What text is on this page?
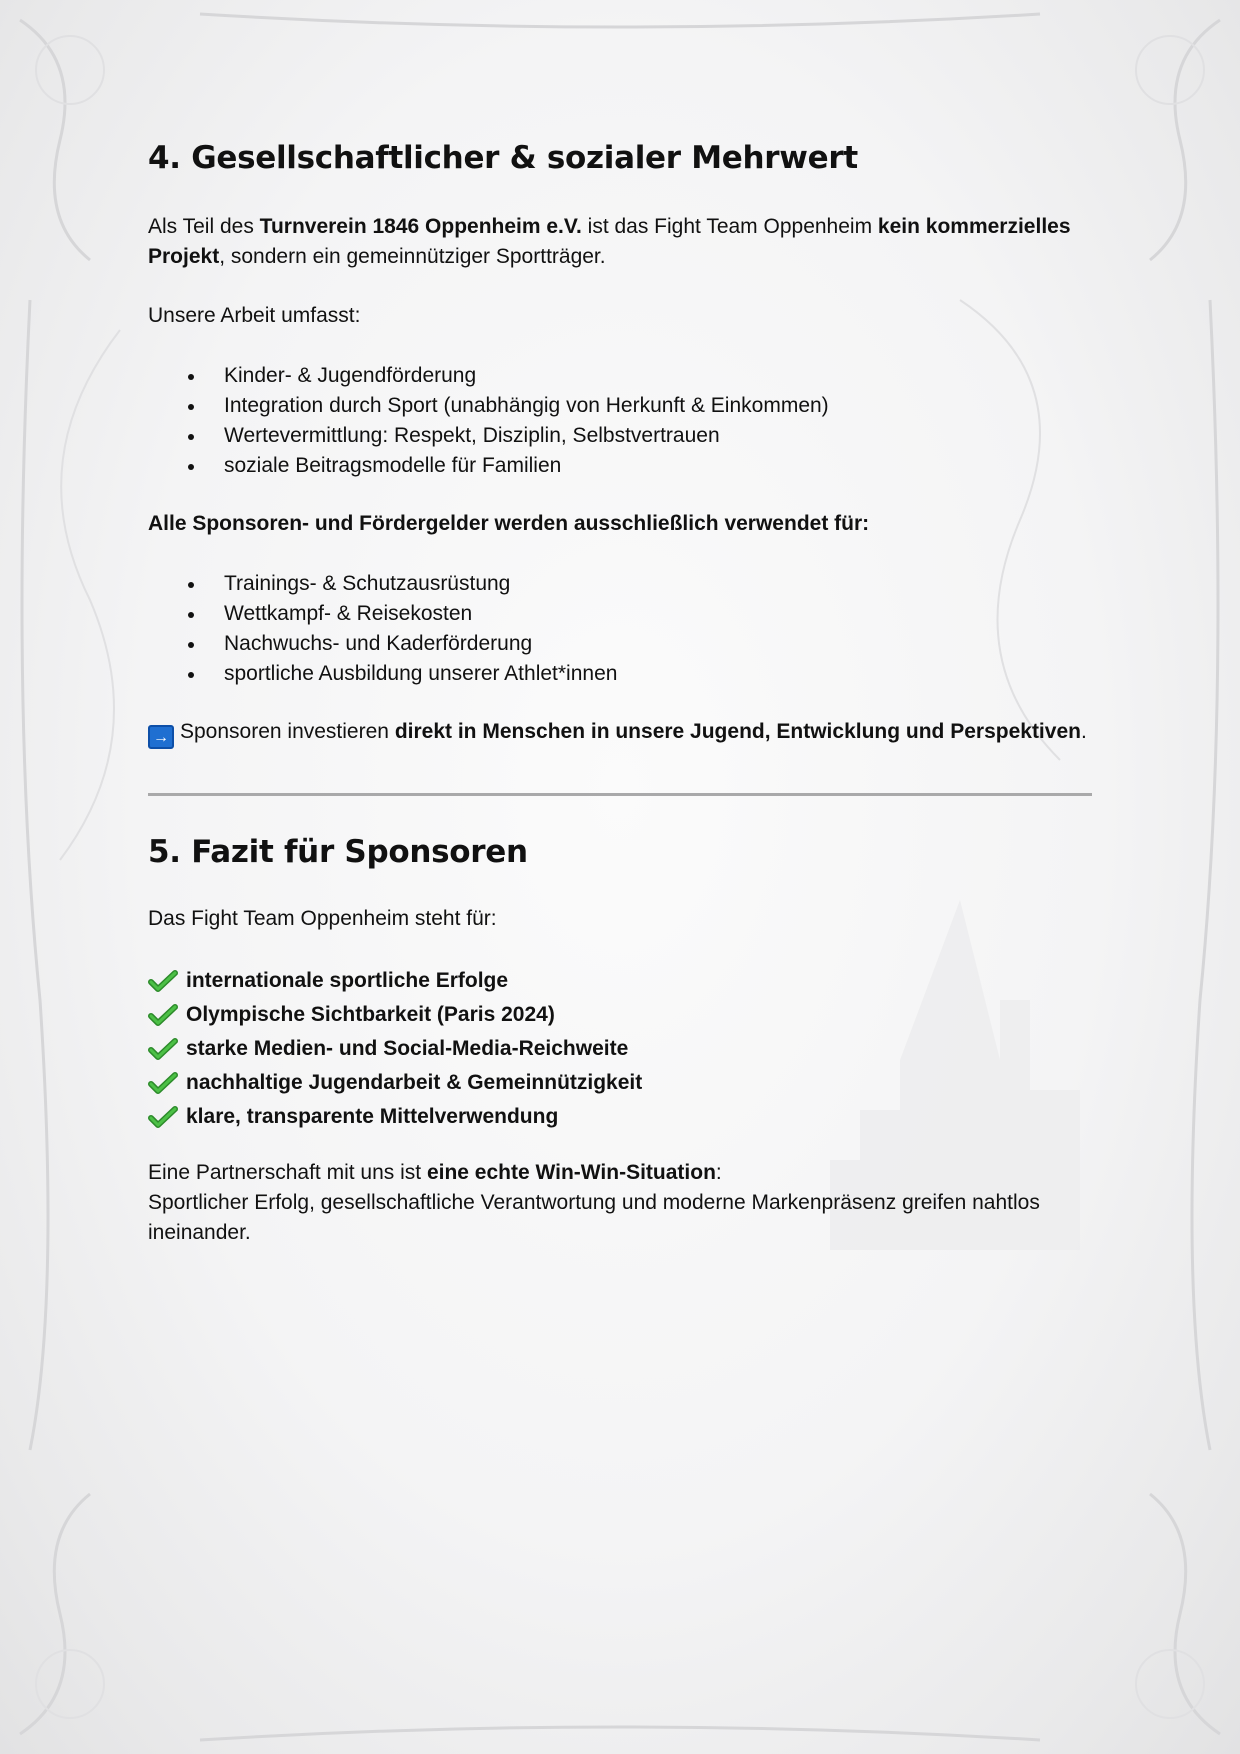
4. Gesellschaftlicher & sozialer Mehrwert

Als Teil des Turnverein 1846 Oppenheim e.V. ist das Fight Team Oppenheim kein kommerzielles Projekt, sondern ein gemeinnütziger Sportträger.

Unsere Arbeit umfasst:

Kinder- & Jugendförderung
Integration durch Sport (unabhängig von Herkunft & Einkommen)
Wertevermittlung: Respekt, Disziplin, Selbstvertrauen
soziale Beitragsmodelle für Familien

Alle Sponsoren- und Fördergelder werden ausschließlich verwendet für:

Trainings- & Schutzausrüstung
Wettkampf- & Reisekosten
Nachwuchs- und Kaderförderung
sportliche Ausbildung unserer Athlet*innen

→ Sponsoren investieren direkt in Menschen in unsere Jugend, Entwicklung und Perspektiven.

5. Fazit für Sponsoren

Das Fight Team Oppenheim steht für:

internationale sportliche Erfolge
Olympische Sichtbarkeit (Paris 2024)
starke Medien- und Social-Media-Reichweite
nachhaltige Jugendarbeit & Gemeinnützigkeit
klare, transparente Mittelverwendung

Eine Partnerschaft mit uns ist eine echte Win-Win-Situation:
Sportlicher Erfolg, gesellschaftliche Verantwortung und moderne Markenpräsenz greifen nahtlos ineinander.
